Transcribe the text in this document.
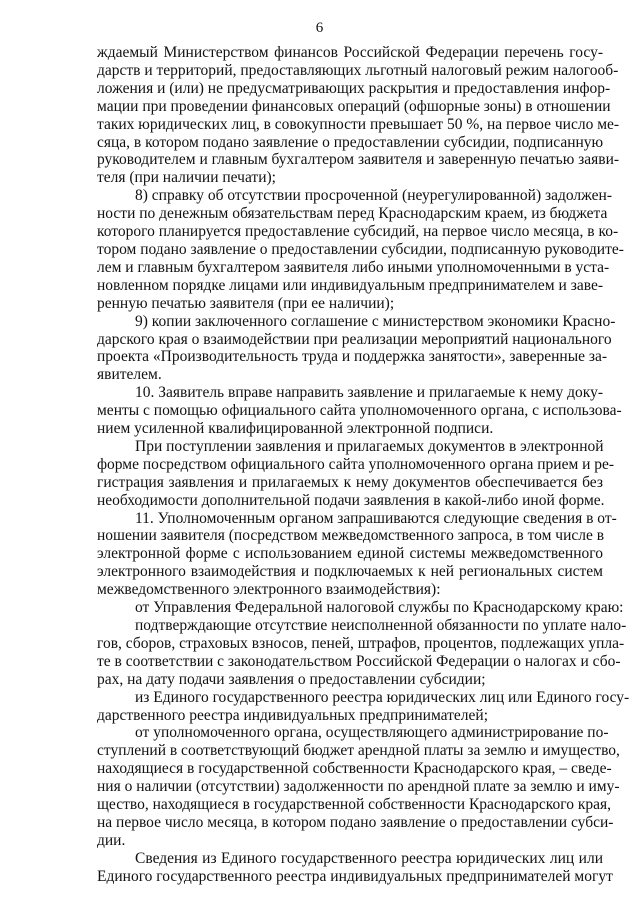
6
ждаемый Министерством финансов Российской Федерации перечень госу-
дарств и территорий, предоставляющих льготный налоговый режим налогооб-
ложения и (или) не предусматривающих раскрытия и предоставления инфор-
мации при проведении финансовых операций (офшорные зоны) в отношении
таких юридических лиц, в совокупности превышает 50 %, на первое число ме-
сяца, в котором подано заявление о предоставлении субсидии, подписанную
руководителем и главным бухгалтером заявителя и заверенную печатью заяви-
теля (при наличии печати);
8) справку об отсутствии просроченной (неурегулированной) задолжен-
ности по денежным обязательствам перед Краснодарским краем, из бюджета
которого планируется предоставление субсидий, на первое число месяца, в ко-
тором подано заявление о предоставлении субсидии, подписанную руководите-
лем и главным бухгалтером заявителя либо иными уполномоченными в уста-
новленном порядке лицами или индивидуальным предпринимателем и заве-
ренную печатью заявителя (при ее наличии);
9) копии заключенного соглашение с министерством экономики Красно-
дарского края о взаимодействии при реализации мероприятий национального
проекта «Производительность труда и поддержка занятости», заверенные за-
явителем.
10. Заявитель вправе направить заявление и прилагаемые к нему доку-
менты с помощью официального сайта уполномоченного органа, с использова-
нием усиленной квалифицированной электронной подписи.
При поступлении заявления и прилагаемых документов в электронной
форме посредством официального сайта уполномоченного органа прием и ре-
гистрация заявления и прилагаемых к нему документов обеспечивается без
необходимости дополнительной подачи заявления в какой-либо иной форме.
11. Уполномоченным органом запрашиваются следующие сведения в от-
ношении заявителя (посредством межведомственного запроса, в том числе в
электронной форме с использованием единой системы межведомственного
электронного взаимодействия и подключаемых к ней региональных систем
межведомственного электронного взаимодействия):
от Управления Федеральной налоговой службы по Краснодарскому краю:
подтверждающие отсутствие неисполненной обязанности по уплате нало-
гов, сборов, страховых взносов, пеней, штрафов, процентов, подлежащих упла-
те в соответствии с законодательством Российской Федерации о налогах и сбо-
рах, на дату подачи заявления о предоставлении субсидии;
из Единого государственного реестра юридических лиц или Единого госу-
дарственного реестра индивидуальных предпринимателей;
от уполномоченного органа, осуществляющего администрирование по-
ступлений в соответствующий бюджет арендной платы за землю и имущество,
находящиеся в государственной собственности Краснодарского края, – сведе-
ния о наличии (отсутствии) задолженности по арендной плате за землю и иму-
щество, находящиеся в государственной собственности Краснодарского края,
на первое число месяца, в котором подано заявление о предоставлении субси-
дии.
Сведения из Единого государственного реестра юридических лиц или
Единого государственного реестра индивидуальных предпринимателей могут
